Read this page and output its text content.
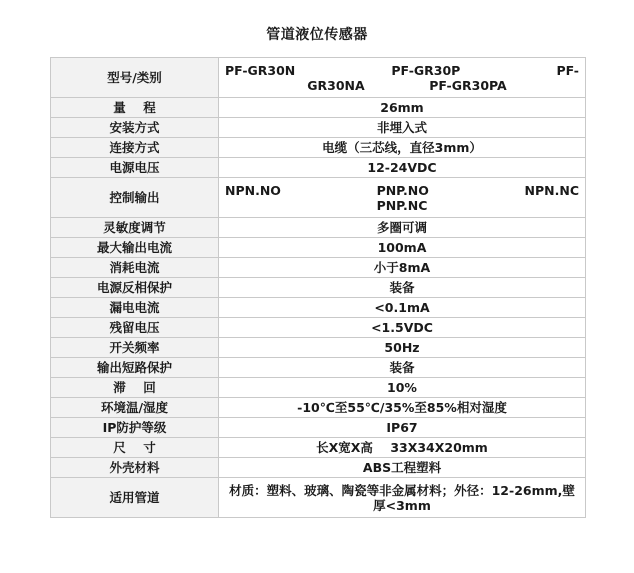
管道液位传感器
型号/类别	PF-GR30N PF-GR30P PF-
GR30NA PF-GR30PA

量    程	26mm
安装方式	非埋入式
连接方式	电缆（三芯线，直径3mm）
电源电压	12-24VDC
控制输出	NPN.NO PNP.NO NPN.NC
PNP.NC

灵敏度调节	多圈可调
最大输出电流	100mA
消耗电流	小于8mA
电源反相保护	装备
漏电电流	<0.1mA
残留电压	<1.5VDC
开关频率	50Hz
输出短路保护	装备
滞    回	10%
环境温/湿度	-10℃至55℃/35%至85%相对湿度
IP防护等级	IP67
尺    寸	长X宽X高    33X34X20mm
外壳材料	ABS工程塑料
适用管道	材质：塑料、玻璃、陶瓷等非金属材料；外径：12-26mm,壁厚<3mm
